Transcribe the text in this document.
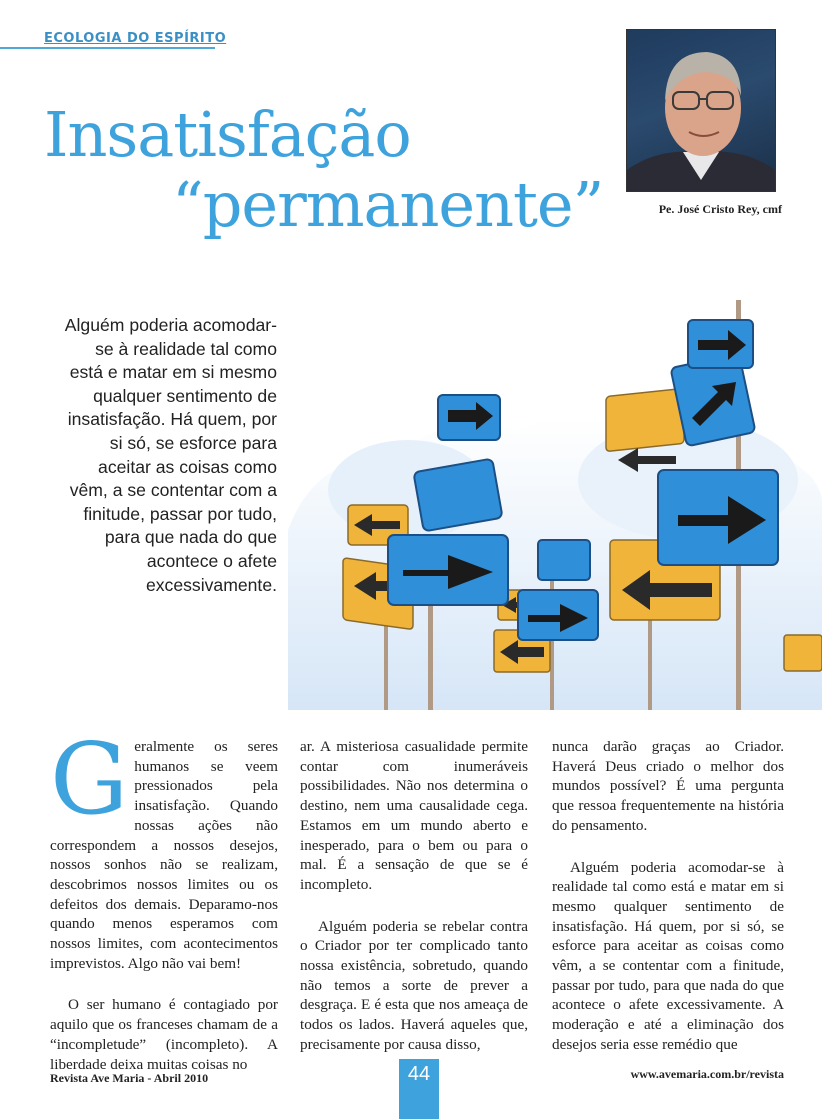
ECOLOGIA DO ESPÍRITO
Insatisfação
“permanente”	Pe. José Cristo Rey, cmf
Alguém poderia acomodar-se à realidade tal como está e matar em si mesmo qualquer sentimento de insatisfação. Há quem, por si só, se esforce para aceitar as coisas como vêm, a se contentar com a finitude, passar por tudo, para que nada do que acontece o afete excessivamente.

Geralmente os seres humanos se veem pressionados pela insatisfação. Quando nossas ações não correspondem a nossos desejos, nossos sonhos não se realizam, descobrimos nossos limites ou os defeitos dos demais. Deparamo-nos quando menos esperamos com nossos limites, com acontecimentos imprevistos. Algo não vai bem!

O ser humano é contagiado por aquilo que os franceses chamam de a “incompletude” (incompleto). A liberdade deixa muitas coisas no

ar. A misteriosa casualidade permite contar com inumeráveis possibilidades. Não nos determina o destino, nem uma causalidade cega. Estamos em um mundo aberto e inesperado, para o bem ou para o mal. É a sensação de que se é incompleto.

Alguém poderia se rebelar contra o Criador por ter complicado tanto nossa existência, sobretudo, quando não temos a sorte de prever a desgraça. E é esta que nos ameaça de todos os lados. Haverá aqueles que, precisamente por causa disso,

nunca darão graças ao Criador. Haverá Deus criado o melhor dos mundos possível? É uma pergunta que ressoa frequentemente na história do pensamento.

Alguém poderia acomodar-se à realidade tal como está e matar em si mesmo qualquer sentimento de insatisfação. Há quem, por si só, se esforce para aceitar as coisas como vêm, a se contentar com a finitude, passar por tudo, para que nada do que acontece o afete excessivamente. A moderação e até a eliminação dos desejos seria esse remédio que

Revista Ave Maria - Abril 2010	44	www.avemaria.com.br/revista
